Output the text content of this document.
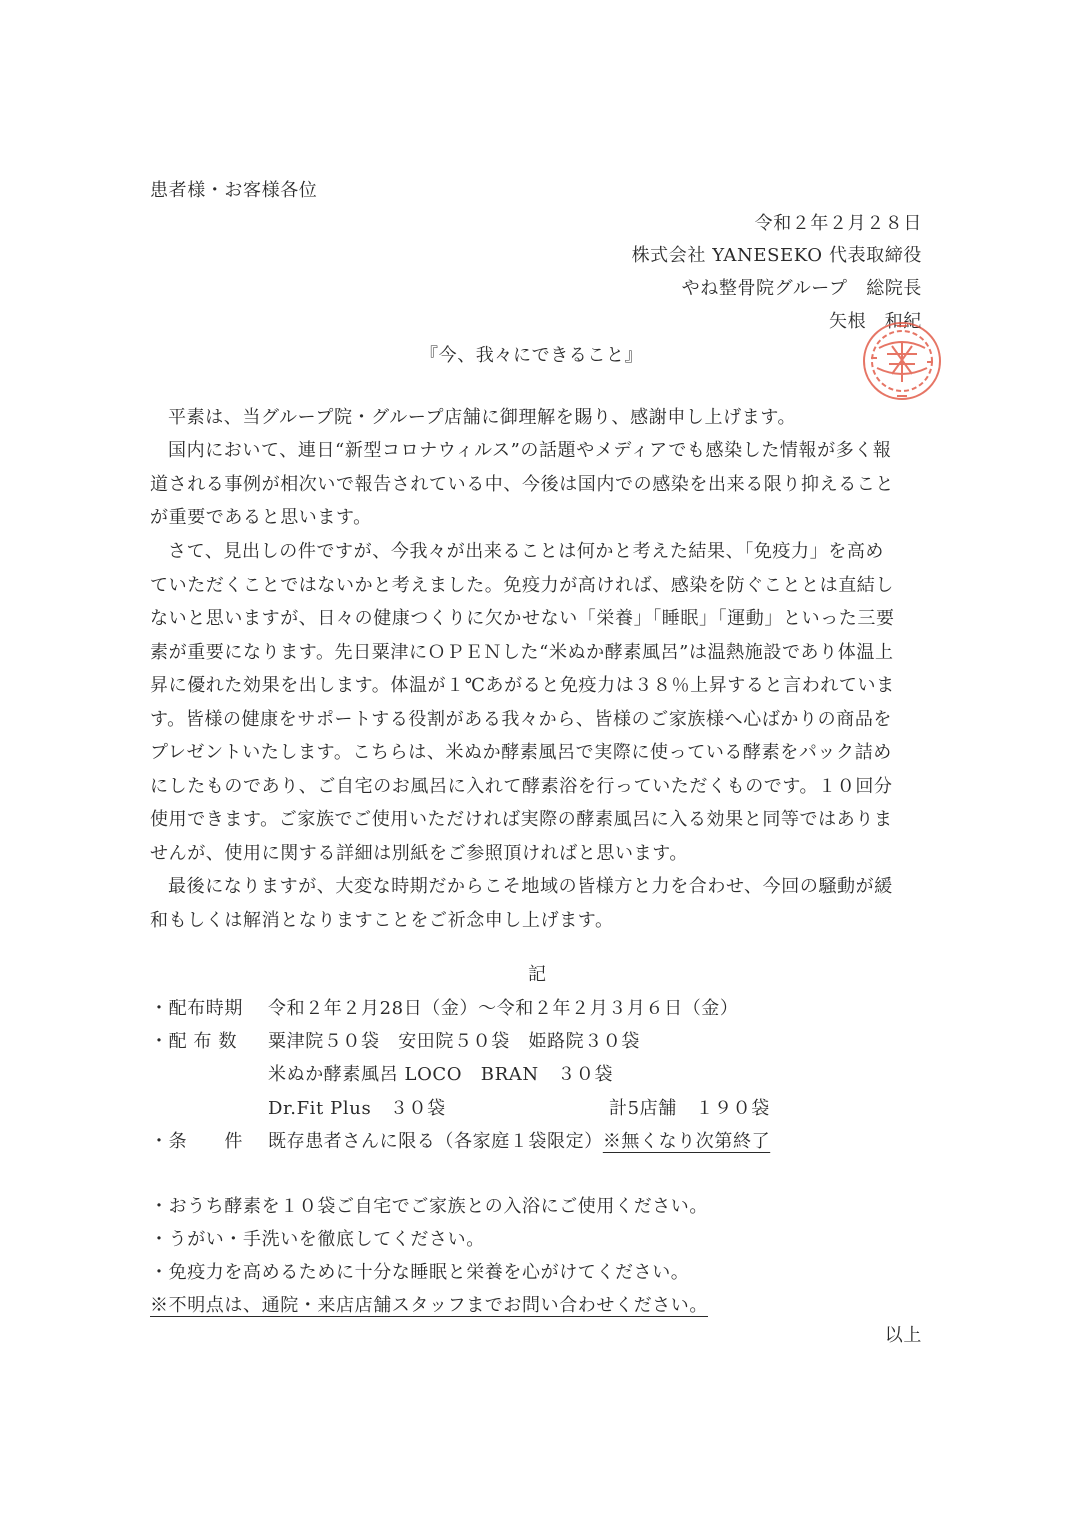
患者様・お客様各位
令和２年２月２８日
株式会社 YANESEKO 代表取締役
やね整骨院グループ　総院長
矢根　和紀
『今、我々にできること』
平素は、当グループ院・グループ店舗に御理解を賜り、感謝申し上げます。
国内において、連日“新型コロナウィルス”の話題やメディアでも感染した情報が多く報
道される事例が相次いで報告されている中、今後は国内での感染を出来る限り抑えること
が重要であると思います。
さて、見出しの件ですが、今我々が出来ることは何かと考えた結果、「免疫力」を高め
ていただくことではないかと考えました。免疫力が高ければ、感染を防ぐこととは直結し
ないと思いますが、日々の健康つくりに欠かせない「栄養」「睡眠」「運動」といった三要
素が重要になります。先日粟津にＯＰＥＮした“米ぬか酵素風呂”は温熱施設であり体温上
昇に優れた効果を出します。体温が１℃あがると免疫力は３８％上昇すると言われていま
す。皆様の健康をサポートする役割がある我々から、皆様のご家族様へ心ばかりの商品を
プレゼントいたします。こちらは、米ぬか酵素風呂で実際に使っている酵素をパック詰め
にしたものであり、ご自宅のお風呂に入れて酵素浴を行っていただくものです。１０回分
使用できます。ご家族でご使用いただければ実際の酵素風呂に入る効果と同等ではありま
せんが、使用に関する詳細は別紙をご参照頂ければと思います。
最後になりますが、大変な時期だからこそ地域の皆様方と力を合わせ、今回の騒動が緩
和もしくは解消となりますことをご祈念申し上げます。
記
・配布時期 令和２年２月28日（金）～令和２年２月３月６日（金）
・配 布 数 粟津院５０袋　安田院５０袋　姫路院３０袋
米ぬか酵素風呂 LOCO　BRAN　３０袋
Dr.Fit Plus　３０袋	計5店舗　１９０袋
・条　　件 既存患者さんに限る（各家庭１袋限定）※無くなり次第終了
・おうち酵素を１０袋ご自宅でご家族との入浴にご使用ください。
・うがい・手洗いを徹底してください。
・免疫力を高めるために十分な睡眠と栄養を心がけてください。
※不明点は、通院・来店店舗スタッフまでお問い合わせください。
以上
